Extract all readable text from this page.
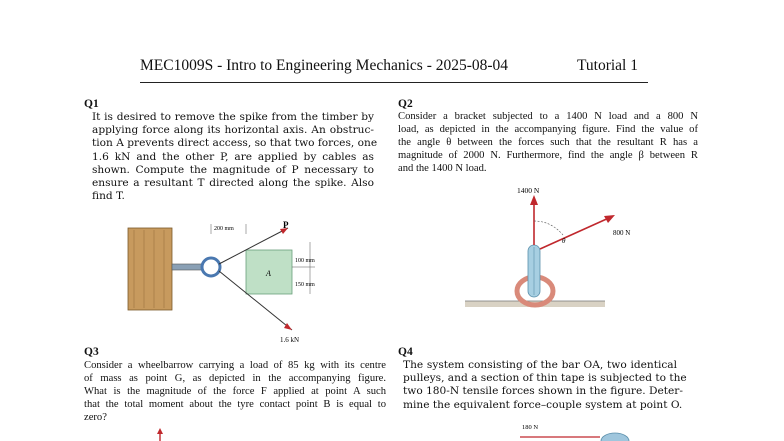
MEC1009S - Intro to Engineering Mechanics - 2025-08-04	Tutorial 1
Q1
It is desired to remove the spike from the timber by
applying force along its horizontal axis. An obstruc-
tion A prevents direct access, so that two forces, one
1.6 kN and the other P, are applied by cables as
shown. Compute the magnitude of P necessary to
ensure a resultant T directed along the spike. Also
find T.
A
200 mm	P
100 mm
150 mm
1.6 kN
Q2
Consider a bracket subjected to a 1400 N load and a 800 N
load, as depicted in the accompanying figure. Find the value of
the angle θ between the forces such that the resultant R has a
magnitude of 2000 N. Furthermore, find the angle β between R
and the 1400 N load.
1400 N
800 N
θ
Q3
Consider a wheelbarrow carrying a load of 85 kg with its centre
of mass as point G, as depicted in the accompanying figure.
What is the magnitude of the force F applied at point A such
that the total moment about the tyre contact point B is equal to
zero?
Q4
The system consisting of the bar OA, two identical
pulleys, and a section of thin tape is subjected to the
two 180-N tensile forces shown in the figure. Deter-
mine the equivalent force–couple system at point O.
180 N
